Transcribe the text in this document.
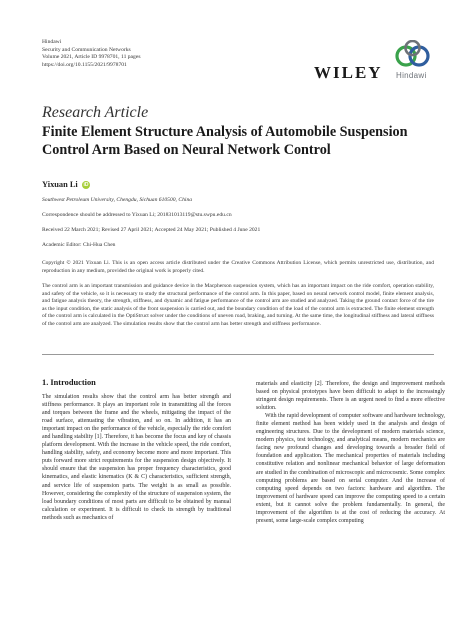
Hindawi
Security and Communication Networks
Volume 2021, Article ID 9978701, 11 pages
https://doi.org/10.1155/2021/9978701	WILEY Hindawi
Research Article
Finite Element Structure Analysis of Automobile Suspension Control Arm Based on Neural Network Control
Yixuan Li	iD
Southwest Petroleum University, Chengdu, Sichuan 610500, China
Correspondence should be addressed to Yixuan Li; 201831013119@stu.swpu.edu.cn
Received 22 March 2021; Revised 27 April 2021; Accepted 24 May 2021; Published 4 June 2021
Academic Editor: Chi-Hua Chen
Copyright © 2021 Yixuan Li. This is an open access article distributed under the Creative Commons Attribution License, which permits unrestricted use, distribution, and reproduction in any medium, provided the original work is properly cited.
The control arm is an important transmission and guidance device in the Macpherson suspension system, which has an important impact on the ride comfort, operation stability, and safety of the vehicle, so it is necessary to study the structural performance of the control arm. In this paper, based on neural network control model, finite element analysis, and fatigue analysis theory, the strength, stiffness, and dynamic and fatigue performance of the control arm are studied and analyzed. Taking the ground contact force of the tire as the input condition, the static analysis of the front suspension is carried out, and the boundary condition of the load of the control arm is extracted. The finite element strength of the control arm is calculated in the OptiStruct solver under the conditions of uneven road, braking, and turning. At the same time, the longitudinal stiffness and lateral stiffness of the control arm are analyzed. The simulation results show that the control arm has better strength and stiffness performance.
1. Introduction

The simulation results show that the control arm has better strength and stiffness performance. It plays an important role in transmitting all the forces and torques between the frame and the wheels, mitigating the impact of the road surface, attenuating the vibration, and so on. In addition, it has an important impact on the performance of the vehicle, especially the ride comfort and handling stability [1]. Therefore, it has become the focus and key of chassis platform development. With the increase in the vehicle speed, the ride comfort, handling stability, safety, and economy become more and more important. This puts forward more strict requirements for the suspension design objectively. It should ensure that the suspension has proper frequency characteristics, good kinematics, and elastic kinematics (K & C) characteristics, sufficient strength, and service life of suspension parts. The weight is as small as possible. However, considering the complexity of the structure of suspension system, the load boundary conditions of most parts are difficult to be obtained by manual calculation or experiment. It is difficult to check its strength by traditional methods such as mechanics of

materials and elasticity [2]. Therefore, the design and improvement methods based on physical prototypes have been difficult to adapt to the increasingly stringent design requirements. There is an urgent need to find a more effective solution.

With the rapid development of computer software and hardware technology, finite element method has been widely used in the analysis and design of engineering structures. Due to the development of modern materials science, modern physics, test technology, and analytical means, modern mechanics are facing new profound changes and developing towards a broader field of foundation and application. The mechanical properties of materials including constitutive relation and nonlinear mechanical behavior of large deformation are studied in the combination of microscopic and microcosmic. Some complex computing problems are based on serial computer. And the increase of computing speed depends on two factors: hardware and algorithm. The improvement of hardware speed can improve the computing speed to a certain extent, but it cannot solve the problem fundamentally. In general, the improvement of the algorithm is at the cost of reducing the accuracy. At present, some large-scale complex computing
